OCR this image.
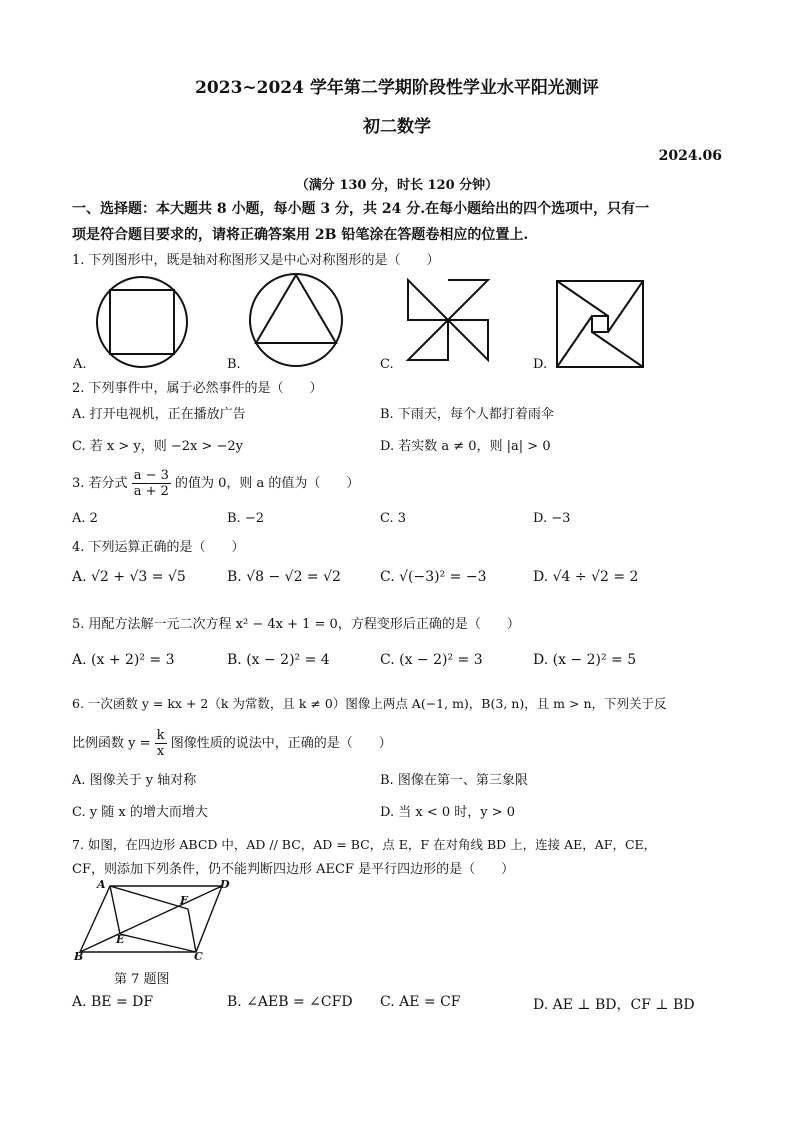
2023~2024 学年第二学期阶段性学业水平阳光测评
初二数学
2024.06
（满分 130 分，时长 120 分钟）
一、选择题：本大题共 8 小题，每小题 3 分，共 24 分.在每小题给出的四个选项中，只有一
项是符合题目要求的，请将正确答案用 2B 铅笔涂在答题卷相应的位置上.
1. 下列图形中，既是轴对称图形又是中心对称图形的是（　　）
A.	B.	C.	D.
2. 下列事件中，属于必然事件的是（　　）
A. 打开电视机，正在播放广告	B. 下雨天，每个人都打着雨伞
C. 若 x > y，则 −2x > −2y	D. 若实数 a ≠ 0，则 |a| > 0
3. 若分式 $\frac{a - 3}{a + 2}$ 的值为 0，则 a 的值为（　　）
A. 2	B. −2	C. 3	D. −3
4. 下列运算正确的是（　　）
A. √2 + √3 = √5	B. √8 − √2 = √2	C. √(−3)² = −3	D. √4 ÷ √2 = 2
5. 用配方法解一元二次方程 x² − 4x + 1 = 0，方程变形后正确的是（　　）
A. (x + 2)² = 3	B. (x − 2)² = 4	C. (x − 2)² = 3	D. (x − 2)² = 5
6. 一次函数 y = kx + 2（k 为常数，且 k ≠ 0）图像上两点 A(−1, m)，B(3, n)，且 m > n，下列关于反
比例函数 $y = \frac{k}{x}$ 图像性质的说法中，正确的是（　　）
A. 图像关于 y 轴对称	B. 图像在第一、第三象限
C. y 随 x 的增大而增大	D. 当 x < 0 时，y > 0
7. 如图，在四边形 ABCD 中，AD // BC，AD = BC，点 E，F 在对角线 BD 上，连接 AE，AF，CE，
CF，则添加下列条件，仍不能判断四边形 AECF 是平行四边形的是（　　）
A	D
F
E
B	C
第 7 题图
A. BE = DF	B. ∠AEB = ∠CFD C. AE = CF	D. AE ⊥ BD，CF ⊥ BD
